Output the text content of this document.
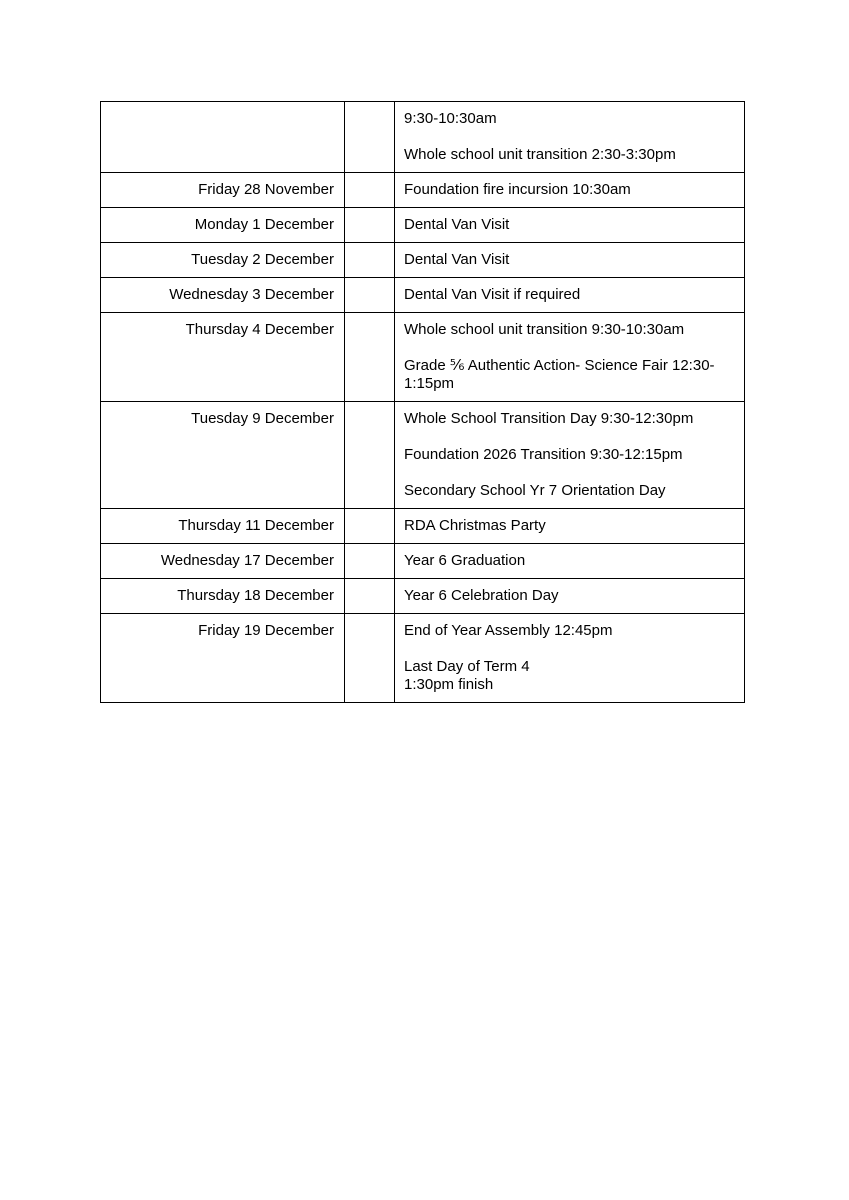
		9:30-10:30am
Whole school unit transition 2:30-3:30pm

Friday 28 November		Foundation fire incursion 10:30am

Monday 1 December		Dental Van Visit

Tuesday 2 December		Dental Van Visit

Wednesday 3 December		Dental Van Visit if required

Thursday 4 December		Whole school unit transition 9:30-10:30am
Grade ⅚ Authentic Action- Science Fair 12:30-1:15pm

Tuesday 9 December		Whole School Transition Day 9:30-12:30pm
Foundation 2026 Transition 9:30-12:15pm
Secondary School Yr 7 Orientation Day

Thursday 11 December		RDA Christmas Party

Wednesday 17 December		Year 6 Graduation

Thursday 18 December		Year 6 Celebration Day

Friday 19 December		End of Year Assembly 12:45pm
Last Day of Term 4
1:30pm finish
